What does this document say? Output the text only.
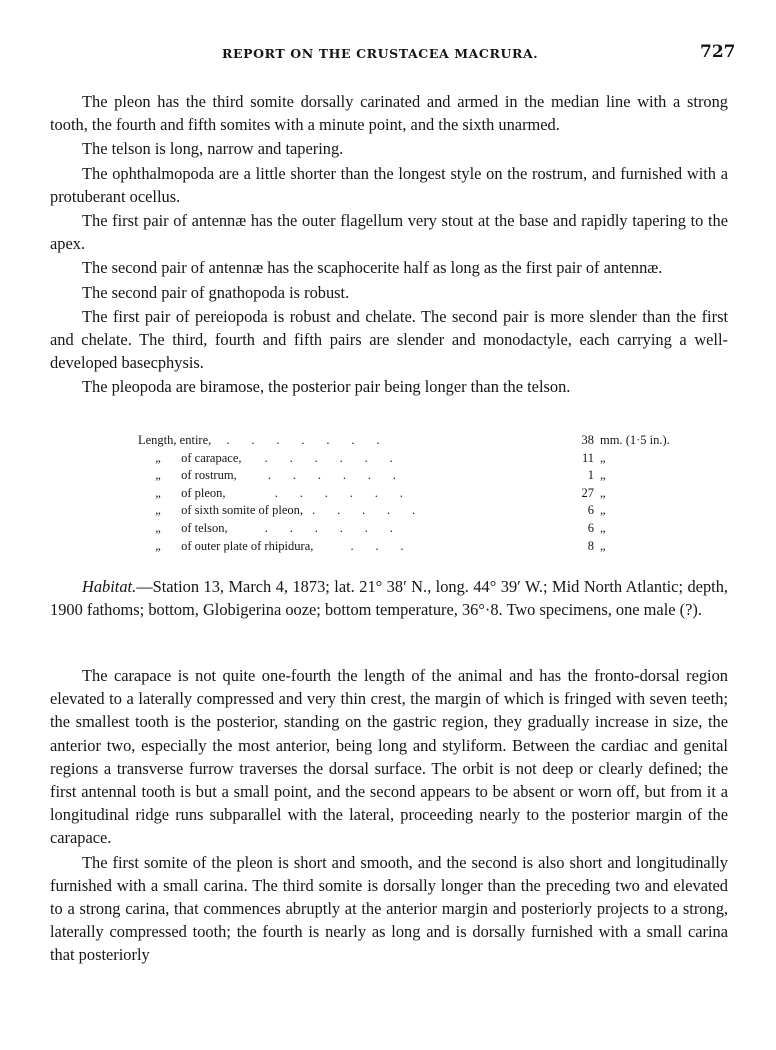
REPORT ON THE CRUSTACEA MACRURA.	727

The pleon has the third somite dorsally carinated and armed in the median line with a strong tooth, the fourth and fifth somites with a minute point, and the sixth unarmed.

The telson is long, narrow and tapering.

The ophthalmopoda are a little shorter than the longest style on the rostrum, and furnished with a protuberant ocellus.

The first pair of antennæ has the outer flagellum very stout at the base and rapidly tapering to the apex.

The second pair of antennæ has the scaphocerite half as long as the first pair of antennæ.

The second pair of gnathopoda is robust.

The first pair of pereiopoda is robust and chelate. The second pair is more slender than the first and chelate. The third, fourth and fifth pairs are slender and monodactyle, each carrying a well-developed basecphysis.

The pleopoda are biramose, the posterior pair being longer than the telson.

Length, entire, .       .       .       .       .       .       .	38	mm. (1·5 in.).
„ of carapace, .       .       .       .       .       .	11	„
„ of rostrum, .       .       .       .       .       .	1	„
„ of pleon, .       .       .       .       .       .	27	„
„ of sixth somite of pleon, .       .       .       .       .	6	„
„ of telson, .       .       .       .       .       .	6	„
„ of outer plate of rhipidura, .       .       .	8	„

Habitat.—Station 13, March 4, 1873; lat. 21° 38′ N., long. 44° 39′ W.; Mid North Atlantic; depth, 1900 fathoms; bottom, Globigerina ooze; bottom temperature, 36°·8. Two specimens, one male (?).

The carapace is not quite one-fourth the length of the animal and has the fronto-dorsal region elevated to a laterally compressed and very thin crest, the margin of which is fringed with seven teeth; the smallest tooth is the posterior, standing on the gastric region, they gradually increase in size, the anterior two, especially the most anterior, being long and styliform. Between the cardiac and genital regions a transverse furrow traverses the dorsal surface. The orbit is not deep or clearly defined; the first antennal tooth is but a small point, and the second appears to be absent or worn off, but from it a longitudinal ridge runs subparallel with the lateral, proceeding nearly to the posterior margin of the carapace.

The first somite of the pleon is short and smooth, and the second is also short and longitudinally furnished with a small carina. The third somite is dorsally longer than the preceding two and elevated to a strong carina, that commences abruptly at the anterior margin and posteriorly projects to a strong, laterally compressed tooth; the fourth is nearly as long and is dorsally furnished with a small carina that posteriorly
